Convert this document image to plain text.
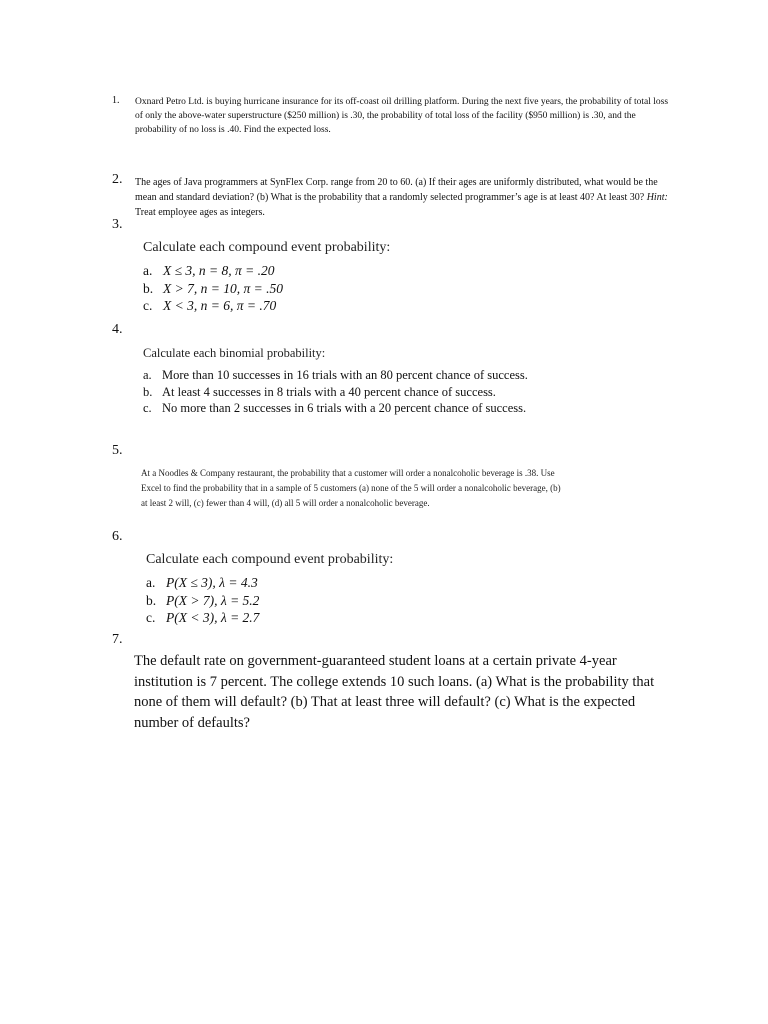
1. Oxnard Petro Ltd. is buying hurricane insurance for its off-coast oil drilling platform. During the next five years, the probability of total loss of only the above-water superstructure ($250 million) is .30, the probability of total loss of the facility ($950 million) is .30, and the probability of no loss is .40. Find the expected loss.
2. The ages of Java programmers at SynFlex Corp. range from 20 to 60. (a) If their ages are uniformly distributed, what would be the mean and standard deviation? (b) What is the probability that a randomly selected programmer’s age is at least 40? At least 30? Hint: Treat employee ages as integers.
3.
Calculate each compound event probability:
a. X ≤ 3, n = 8, π = .20
b. X > 7, n = 10, π = .50
c. X < 3, n = 6, π = .70
4.
Calculate each binomial probability:
a. More than 10 successes in 16 trials with an 80 percent chance of success.
b. At least 4 successes in 8 trials with a 40 percent chance of success.
c. No more than 2 successes in 6 trials with a 20 percent chance of success.
5.
At a Noodles & Company restaurant, the probability that a customer will order a nonalcoholic beverage is .38. Use Excel to find the probability that in a sample of 5 customers (a) none of the 5 will order a nonalcoholic beverage, (b) at least 2 will, (c) fewer than 4 will, (d) all 5 will order a nonalcoholic beverage.
6.
Calculate each compound event probability:
a. P(X ≤ 3), λ = 4.3
b. P(X > 7), λ = 5.2
c. P(X < 3), λ = 2.7
7.
The default rate on government-guaranteed student loans at a certain private 4-year institution is 7 percent. The college extends 10 such loans. (a) What is the probability that none of them will default? (b) That at least three will default? (c) What is the expected number of defaults?
